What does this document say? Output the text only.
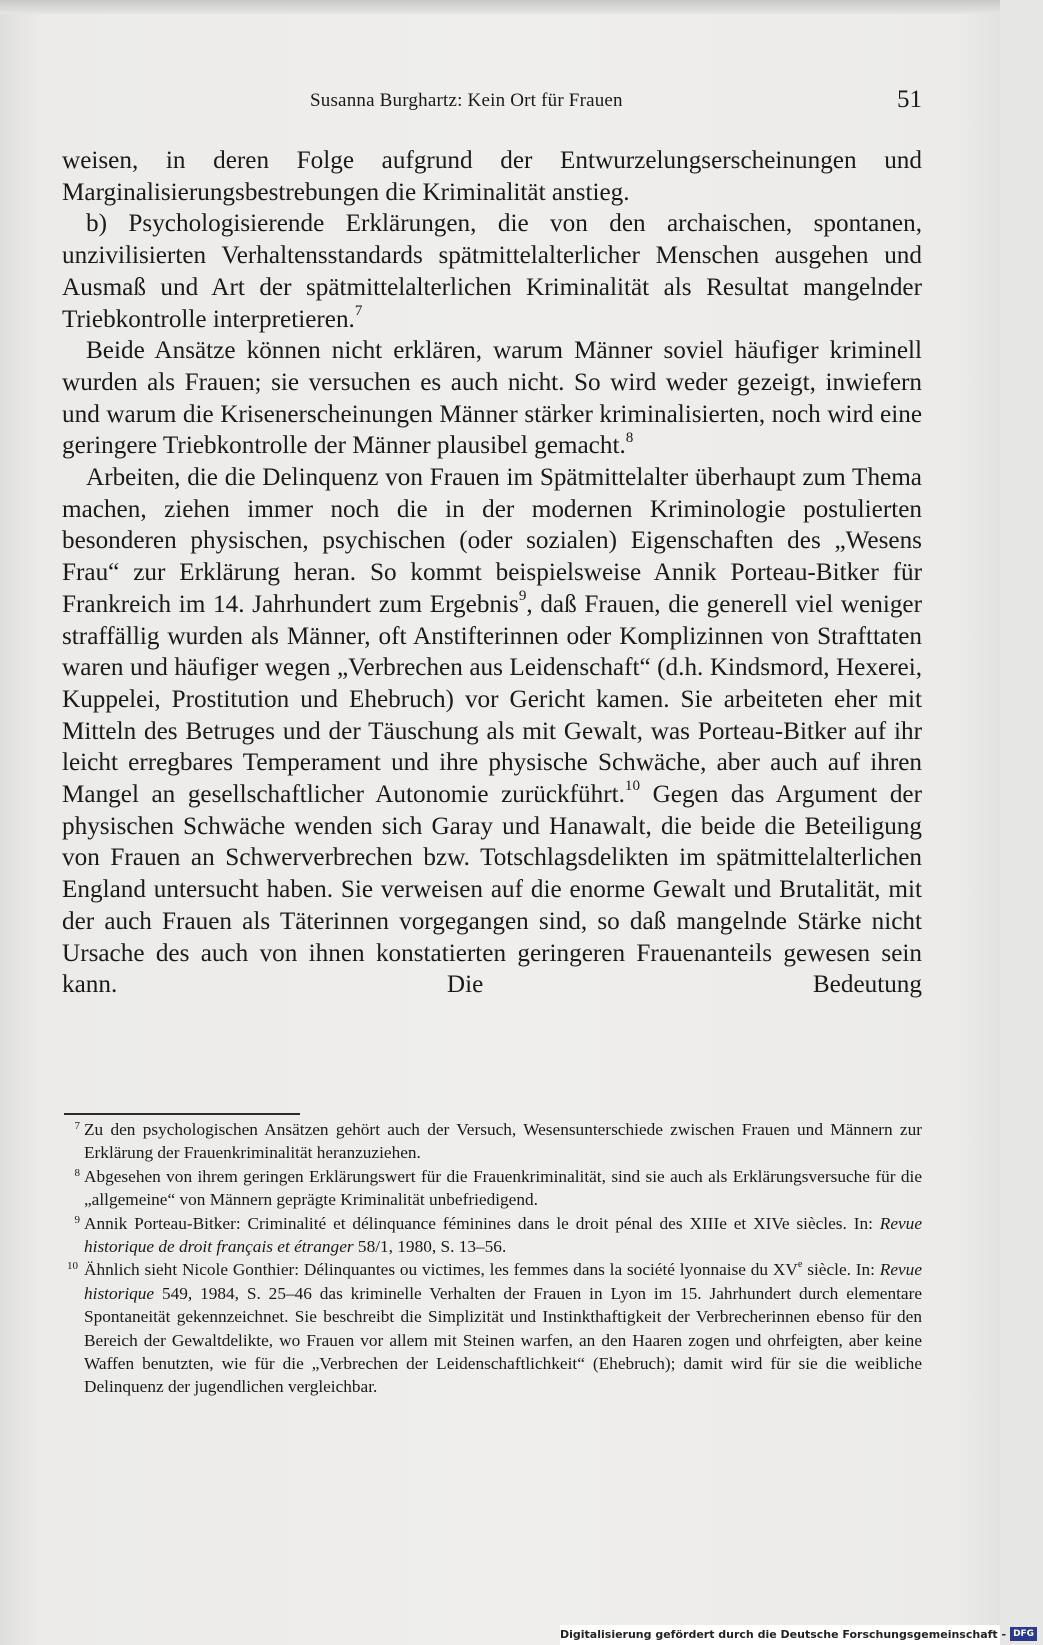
Susanna Burghartz: Kein Ort für Frauen	51

weisen, in deren Folge aufgrund der Entwurzelungserscheinungen und Marginalisierungsbestrebungen die Kriminalität anstieg.

b) Psychologisierende Erklärungen, die von den archaischen, spontanen, unzivilisierten Verhaltensstandards spätmittelalterlicher Menschen ausgehen und Ausmaß und Art der spätmittelalterlichen Kriminalität als Resultat mangelnder Triebkontrolle interpretieren.$^7$

Beide Ansätze können nicht erklären, warum Männer soviel häufiger kriminell wurden als Frauen; sie versuchen es auch nicht. So wird weder gezeigt, inwiefern und warum die Krisenerscheinungen Männer stärker kriminalisierten, noch wird eine geringere Triebkontrolle der Männer plausibel gemacht.$^8$

Arbeiten, die die Delinquenz von Frauen im Spätmittelalter überhaupt zum Thema machen, ziehen immer noch die in der modernen Kriminologie postulierten besonderen physischen, psychischen (oder sozialen) Eigenschaften des „Wesens Frau“ zur Erklärung heran. So kommt beispielsweise Annik Porteau-Bitker für Frankreich im 14. Jahrhundert zum Ergebnis$^9$, daß Frauen, die generell viel weniger straffällig wurden als Männer, oft Anstifterinnen oder Komplizinnen von Strafttaten waren und häufiger wegen „Verbrechen aus Leidenschaft“ (d.h. Kindsmord, Hexerei, Kuppelei, Prostitution und Ehebruch) vor Gericht kamen. Sie arbeiteten eher mit Mitteln des Betruges und der Täuschung als mit Gewalt, was Porteau-Bitker auf ihr leicht erregbares Temperament und ihre physische Schwäche, aber auch auf ihren Mangel an gesellschaftlicher Autonomie zurückführt.$^{10}$ Gegen das Argument der physischen Schwäche wenden sich Garay und Hanawalt, die beide die Beteiligung von Frauen an Schwerverbrechen bzw. Totschlagsdelikten im spätmittelalterlichen England untersucht haben. Sie verweisen auf die enorme Gewalt und Brutalität, mit der auch Frauen als Täterinnen vorgegangen sind, so daß mangelnde Stärke nicht Ursache des auch von ihnen konstatierten geringeren Frauenanteils gewesen sein kann. Die Bedeutung

7 Zu den psychologischen Ansätzen gehört auch der Versuch, Wesensunterschiede zwischen Frauen und Männern zur Erklärung der Frauenkriminalität heranzuziehen.

8 Abgesehen von ihrem geringen Erklärungswert für die Frauenkriminalität, sind sie auch als Erklärungsversuche für die „allgemeine“ von Männern geprägte Kriminalität unbefriedigend.

9 Annik Porteau-Bitker: Criminalité et délinquance féminines dans le droit pénal des XIIIe et XIVe siècles. In: Revue historique de droit français et étranger 58/1, 1980, S. 13–56.

10 Ähnlich sieht Nicole Gonthier: Délinquantes ou victimes, les femmes dans la société lyonnaise du XVe siècle. In: Revue historique 549, 1984, S. 25–46 das kriminelle Verhalten der Frauen in Lyon im 15. Jahrhundert durch elementare Spontaneität gekennzeichnet. Sie beschreibt die Simplizität und Instinkthaftigkeit der Verbrecherinnen ebenso für den Bereich der Gewaltdelikte, wo Frauen vor allem mit Steinen warfen, an den Haaren zogen und ohrfeigten, aber keine Waffen benutzten, wie für die „Verbrechen der Leidenschaftlichkeit“ (Ehebruch); damit wird für sie die weibliche Delinquenz der jugendlichen vergleichbar.

Digitalisierung gefördert durch die Deutsche Forschungsgemeinschaft - DFG
